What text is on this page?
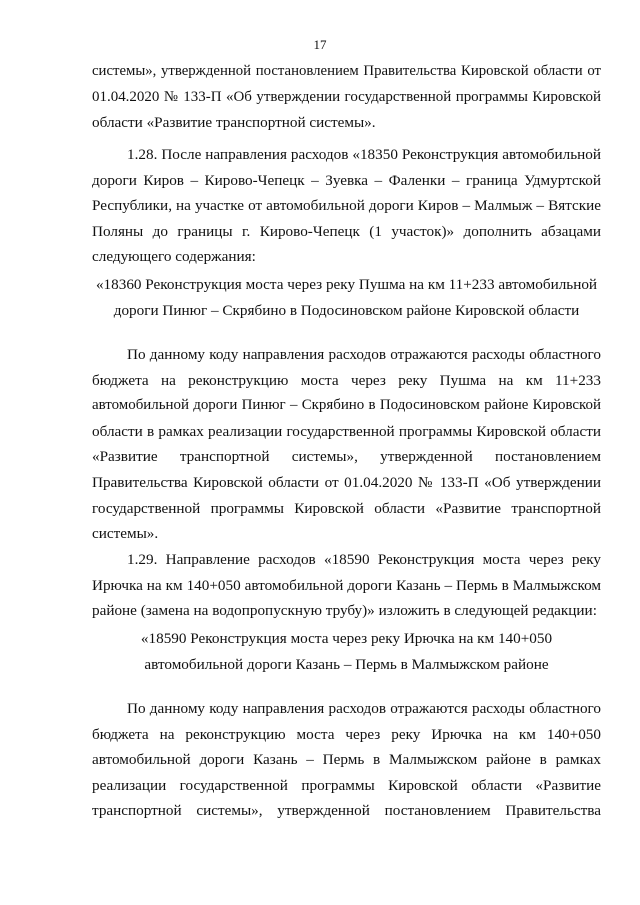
17
системы», утвержденной постановлением Правительства Кировской области от
01.04.2020 № 133-П «Об утверждении государственной программы Кировской
области «Развитие транспортной системы».
1.28. После направления расходов «18350 Реконструкция автомобильной
дороги Киров – Кирово-Чепецк – Зуевка – Фаленки – граница Удмуртской
Республики, на участке от автомобильной дороги Киров – Малмыж – Вятские
Поляны до границы г. Кирово-Чепецк (1 участок)» дополнить абзацами
следующего содержания:
«18360 Реконструкция моста через реку Пушма на км 11+233 автомобильной
дороги Пинюг – Скрябино в Подосиновском районе Кировской области
По данному коду направления расходов отражаются расходы областного
бюджета на реконструкцию моста через реку Пушма на км 11+233
автомобильной дороги Пинюг – Скрябино в Подосиновском районе Кировской
области в рамках реализации государственной программы Кировской области
«Развитие транспортной системы», утвержденной постановлением
Правительства Кировской области от 01.04.2020 № 133-П «Об утверждении
государственной программы Кировской области «Развитие транспортной
системы».
1.29. Направление расходов «18590 Реконструкция моста через реку
Ирючка на км 140+050 автомобильной дороги Казань – Пермь в Малмыжском
районе (замена на водопропускную трубу)» изложить в следующей редакции:
«18590 Реконструкция моста через реку Ирючка на км 140+050
автомобильной дороги Казань – Пермь в Малмыжском районе
По данному коду направления расходов отражаются расходы областного
бюджета на реконструкцию моста через реку Ирючка на км 140+050
автомобильной дороги Казань – Пермь в Малмыжском районе в рамках
реализации государственной программы Кировской области «Развитие
транспортной системы», утвержденной постановлением Правительства
